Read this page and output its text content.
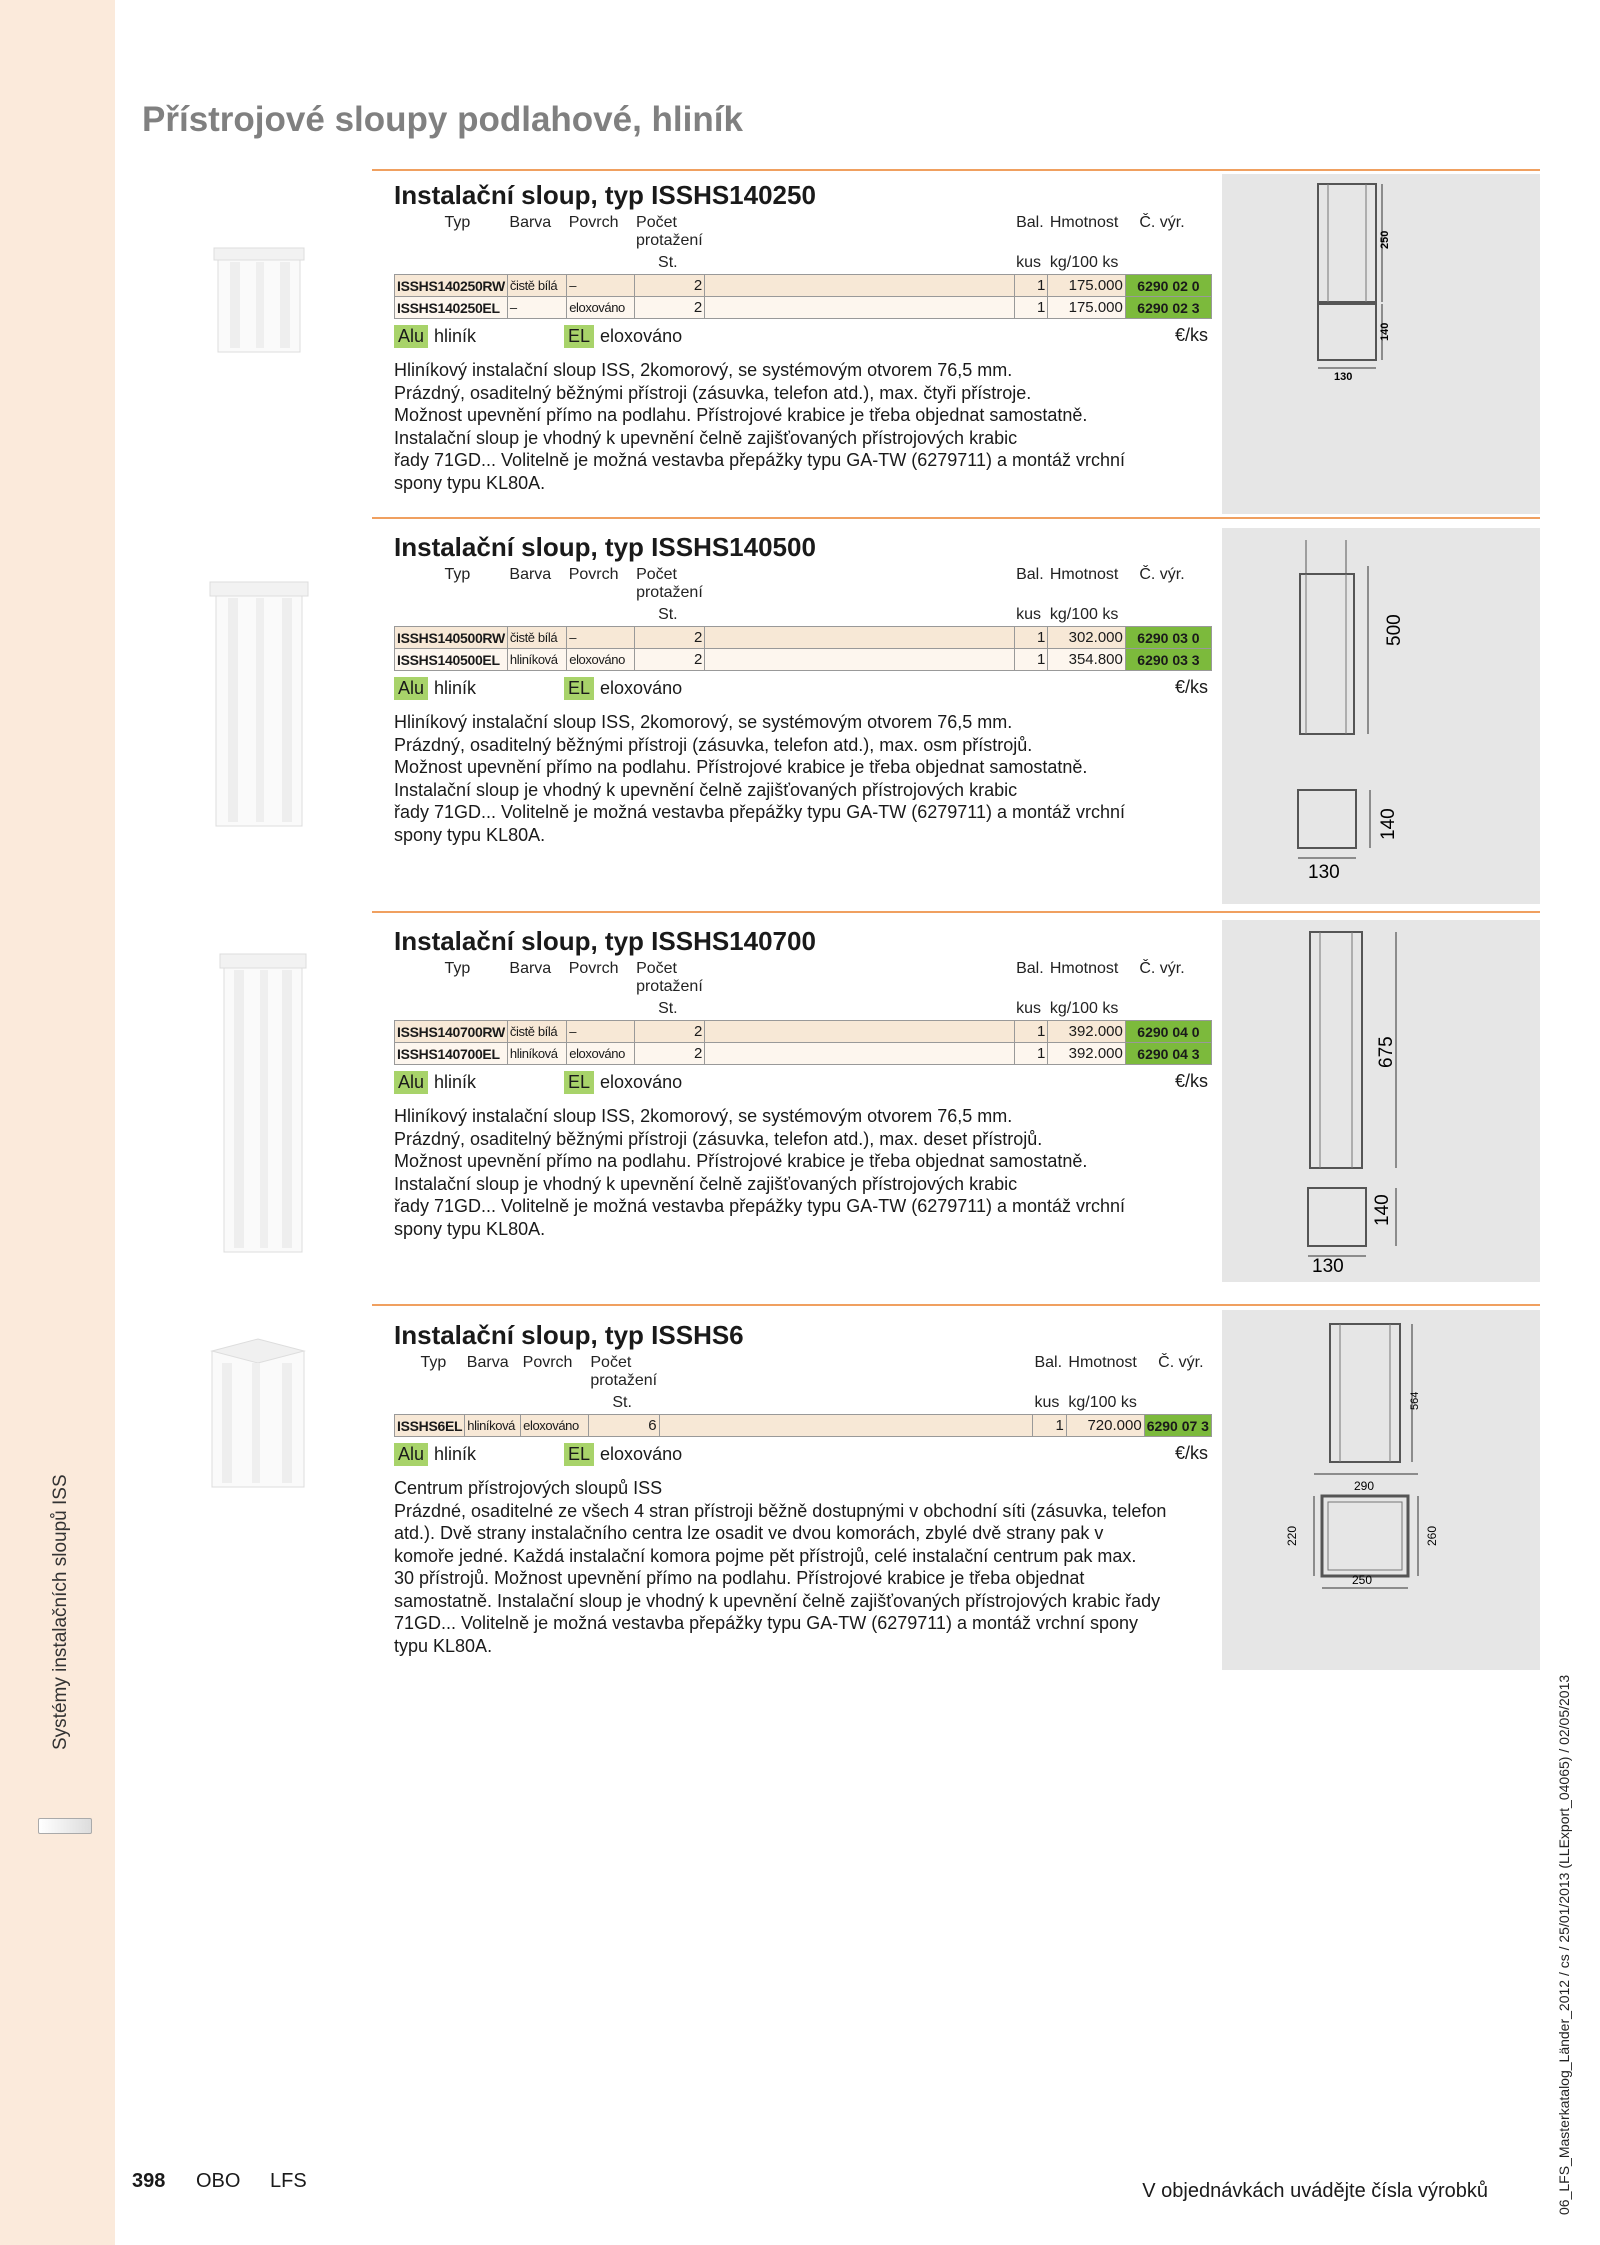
Systémy instalačních sloupů ISS
Přístrojové sloupy podlahové, hliník
Instalační sloup, typ ISSHS140250
Typ	Barva	Povrch	Počet
protažení		Bal.	Hmotnost	Č. výr.
			St.		kus	kg/100 ks	
ISSHS140250RW	čistě bílá	–	2		1	175.000	6290 02 0
ISSHS140250EL	–	eloxováno	2		1	175.000	6290 02 3
Alu hliník	EL eloxováno	€/ks

Hliníkový instalační sloup ISS, 2komorový, se systémovým otvorem 76,5 mm.

Prázdný, osaditelný běžnými přístroji (zásuvka, telefon atd.), max. čtyři přístroje.

Možnost upevnění přímo na podlahu. Přístrojové krabice je třeba objednat samostatně.

Instalační sloup je vhodný k upevnění čelně zajišťovaných přístrojových krabic

řady 71GD... Volitelně je možná vestavba přepážky typu GA-TW (6279711) a montáž vrchní

spony typu KL80A.

250
140
130
Instalační sloup, typ ISSHS140500
Typ	Barva	Povrch	Počet
protažení		Bal.	Hmotnost	Č. výr.
			St.		kus	kg/100 ks	
ISSHS140500RW	čistě bílá	–	2		1	302.000	6290 03 0
ISSHS140500EL	hliníková	eloxováno	2		1	354.800	6290 03 3
Alu hliník	EL eloxováno	€/ks

Hliníkový instalační sloup ISS, 2komorový, se systémovým otvorem 76,5 mm.

Prázdný, osaditelný běžnými přístroji (zásuvka, telefon atd.), max. osm přístrojů.

Možnost upevnění přímo na podlahu. Přístrojové krabice je třeba objednat samostatně.

Instalační sloup je vhodný k upevnění čelně zajišťovaných přístrojových krabic

řady 71GD... Volitelně je možná vestavba přepážky typu GA-TW (6279711) a montáž vrchní

spony typu KL80A.

500
140
130
Instalační sloup, typ ISSHS140700
Typ	Barva	Povrch	Počet
protažení		Bal.	Hmotnost	Č. výr.
			St.		kus	kg/100 ks	
ISSHS140700RW	čistě bílá	–	2		1	392.000	6290 04 0
ISSHS140700EL	hliníková	eloxováno	2		1	392.000	6290 04 3
Alu hliník	EL eloxováno	€/ks

Hliníkový instalační sloup ISS, 2komorový, se systémovým otvorem 76,5 mm.

Prázdný, osaditelný běžnými přístroji (zásuvka, telefon atd.), max. deset přístrojů.

Možnost upevnění přímo na podlahu. Přístrojové krabice je třeba objednat samostatně.

Instalační sloup je vhodný k upevnění čelně zajišťovaných přístrojových krabic

řady 71GD... Volitelně je možná vestavba přepážky typu GA-TW (6279711) a montáž vrchní

spony typu KL80A.

675
140
130
Instalační sloup, typ ISSHS6
Typ	Barva	Povrch	Počet
protažení		Bal.	Hmotnost	Č. výr.
			St.		kus	kg/100 ks	
ISSHS6EL	hliníková	eloxováno	6		1	720.000	6290 07 3
Alu hliník	EL eloxováno	€/ks

Centrum přístrojových sloupů ISS

Prázdné, osaditelné ze všech 4 stran přístroji běžně dostupnými v obchodní síti (zásuvka, telefon

atd.). Dvě strany instalačního centra lze osadit ve dvou komorách, zbylé dvě strany pak v

komoře jedné. Každá instalační komora pojme pět přístrojů, celé instalační centrum pak max.

30 přístrojů. Možnost upevnění přímo na podlahu. Přístrojové krabice je třeba objednat

samostatně. Instalační sloup je vhodný k upevnění čelně zajišťovaných přístrojových krabic řady

71GD... Volitelně je možná vestavba přepážky typu GA-TW (6279711) a montáž vrchní spony

typu KL80A.

564
290
220	260
250
398 OBO LFS	V objednávkách uvádějte čísla výrobků	06_LFS_Masterkatalog_Länder_2012 / cs / 25/01/2013 (LLExport_04065) / 02/05/2013
